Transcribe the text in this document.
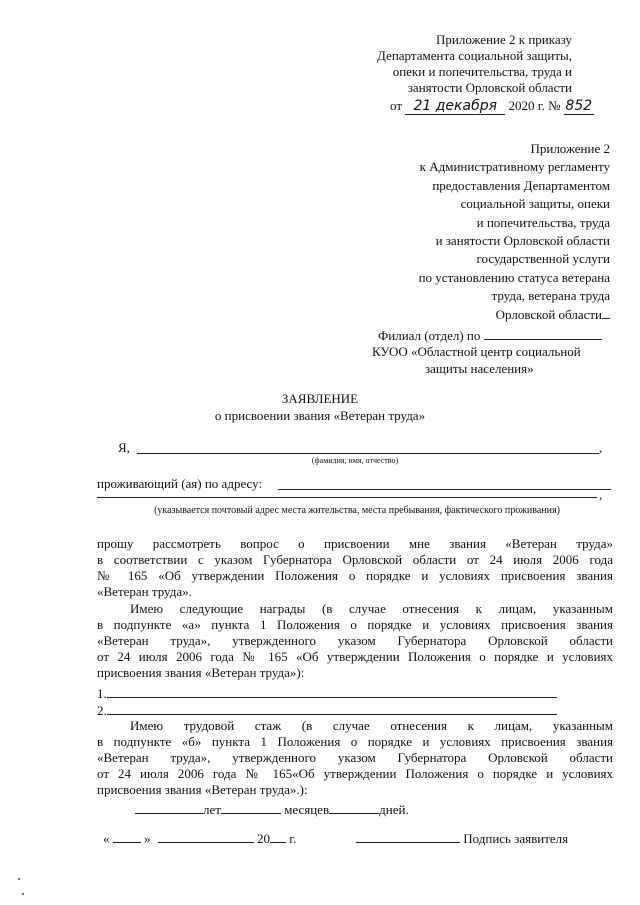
Приложение 2 к приказу
Департамента социальной защиты,
опеки и попечительства, труда и
занятости Орловской области
от 21 декабря 2020 г. № 852
Приложение 2
к Административному регламенту
предоставления Департаментом
социальной защиты, опеки
и попечительства, труда
и занятости Орловской области
государственной услуги
по установлению статуса ветерана
труда, ветерана труда
Орловской области
Филиал (отдел) по
КУОО «Областной центр социальной
защиты населения»
ЗАЯВЛЕНИЕ
о присвоении звания «Ветеран труда»
Я,	,
(фамилия, имя, отчество)
проживающий (ая) по адресу:
,
(указывается почтовый адрес места жительства, места пребывания, фактического проживания)
прошу рассмотреть вопрос о присвоении мне звания «Ветеран труда»
в соответствии с указом Губернатора Орловской области от 24 июля 2006 года
№ 165 «Об утверждении Положения о порядке и условиях присвоения звания
«Ветеран труда».
Имею следующие награды (в случае отнесения к лицам, указанным
в подпункте «а» пункта 1 Положения о порядке и условиях присвоения звания
«Ветеран труда», утвержденного указом Губернатора Орловской области
от 24 июля 2006 года № 165 «Об утверждении Положения о порядке и условиях
присвоения звания «Ветеран труда»):
1.
2.
Имею трудовой стаж (в случае отнесения к лицам, указанным
в подпункте «б» пункта 1 Положения о порядке и условиях присвоения звания
«Ветеран труда», утвержденного указом Губернатора Орловской области
от 24 июля 2006 года № 165«Об утверждении Положения о порядке и условиях
присвоения звания «Ветеран труда».):
лет	месяцев	дней.
«	»	20 г.	Подпись заявителя
